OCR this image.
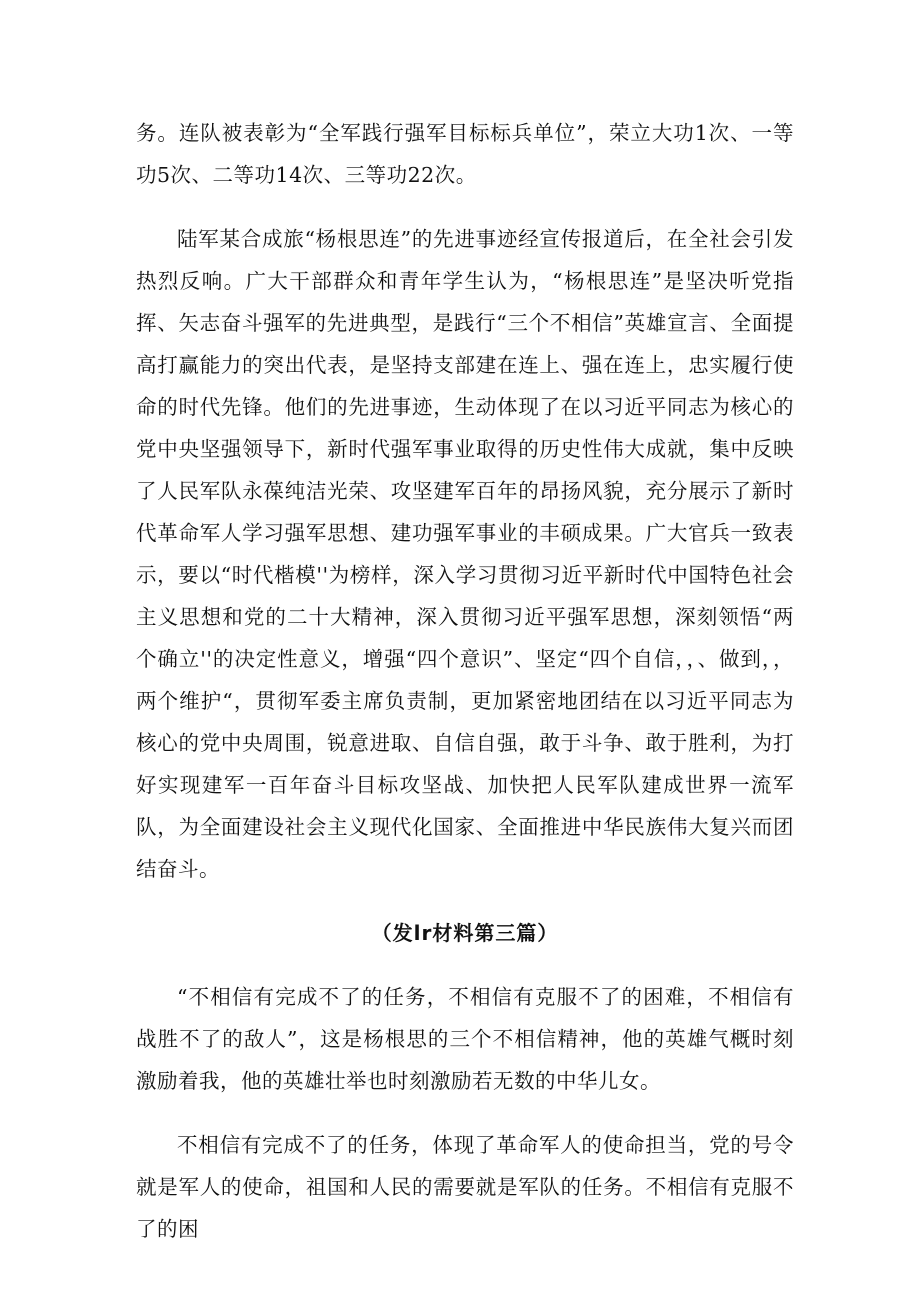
务。连队被表彰为“全军践行强军目标标兵单位”，荣立大功1次、一等功5次、二等功14次、三等功22次。

陆军某合成旅“杨根思连”的先进事迹经宣传报道后，在全社会引发热烈反响。广大干部群众和青年学生认为，“杨根思连”是坚决听党指挥、矢志奋斗强军的先进典型，是践行“三个不相信”英雄宣言、全面提高打赢能力的突出代表，是坚持支部建在连上、强在连上，忠实履行使命的时代先锋。他们的先进事迹，生动体现了在以习近平同志为核心的党中央坚强领导下，新时代强军事业取得的历史性伟大成就，集中反映了人民军队永葆纯洁光荣、攻坚建军百年的昂扬风貌，充分展示了新时代革命军人学习强军思想、建功强军事业的丰硕成果。广大官兵一致表示，要以“时代楷模''为榜样，深入学习贯彻习近平新时代中国特色社会主义思想和党的二十大精神，深入贯彻习近平强军思想，深刻领悟“两个确立''的决定性意义，增强“四个意识”、坚定“四个自信，，、做到，，两个维护“，贯彻军委主席负责制，更加紧密地团结在以习近平同志为核心的党中央周围，锐意进取、自信自强，敢于斗争、敢于胜利，为打好实现建军一百年奋斗目标攻坚战、加快把人民军队建成世界一流军队，为全面建设社会主义现代化国家、全面推进中华民族伟大复兴而团结奋斗。

（发lr材料第三篇）

“不相信有完成不了的任务，不相信有克服不了的困难，不相信有战胜不了的敌人”，这是杨根思的三个不相信精神，他的英雄气概时刻激励着我，他的英雄壮举也时刻激励若无数的中华儿女。

不相信有完成不了的任务，体现了革命军人的使命担当，党的号令就是军人的使命，祖国和人民的需要就是军队的任务。不相信有克服不了的困
